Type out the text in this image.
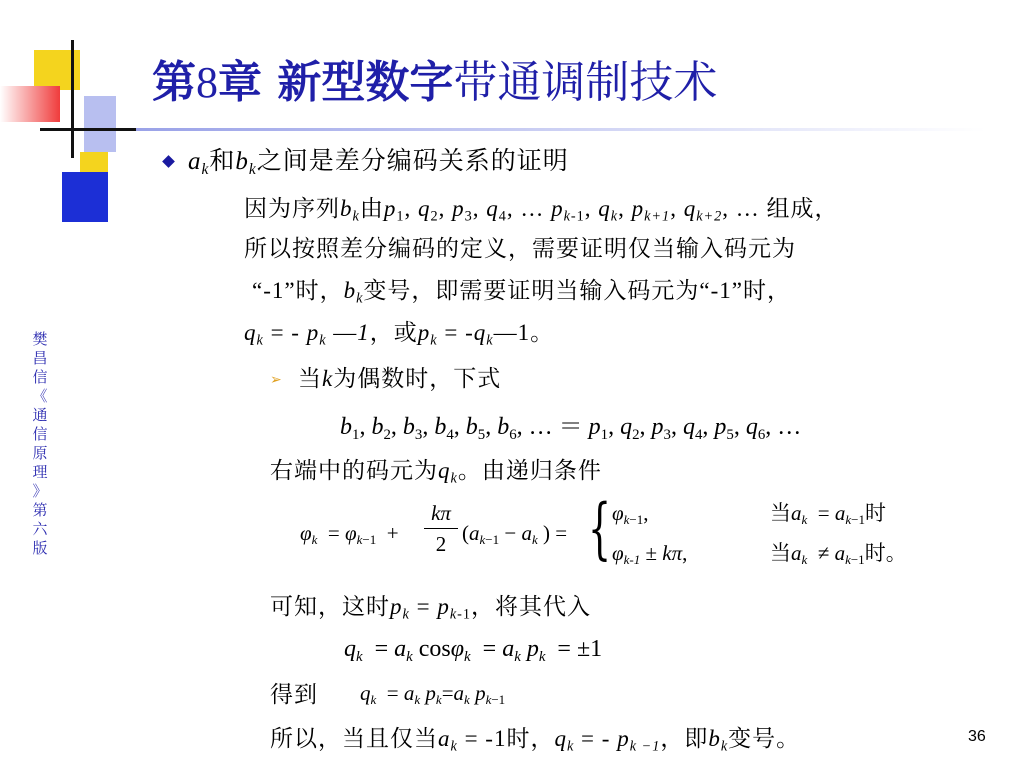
第8章 新型数字带通调制技术
樊
昌
信
《
通
信
原
理
》
第
六
版
$a_k$和$b_k$之间是差分编码关系的证明
因为序列$b_k$由$p_1$, $q_2$, $p_3$, $q_4$, … $p_{k-1}$, $q_k$, $p_{k+1}$, $q_{k+2}$, … 组成，
所以按照差分编码的定义，需要证明仅当输入码元为
“-1”时，$b_k$变号，即需要证明当输入码元为“-1”时，
$q_k$ = - $p_k$ —1，或$p_k$ = $-q_k—1$。
➢ 当k为偶数时，下式
$b_1$, $b_2$, $b_3$, $b_4$, $b_5$, $b_6$, … ＝ $p_1$, $q_2$, $p_3$, $q_4$, $p_5$, $q_6$, …
右端中的码元为$q_k$。由递归条件
$\varphi_k = \varphi_{k-1}$  +
kπ
2 ($a_{k-1} - a_k$ ) = { $\varphi_{k-1}$,	当$a_k = a_{k-1}$时
$\varphi_{k-1} \pm k\pi$,	当$a_k \ne a_{k-1}$时。
可知，这时$p_k = p_{k-1}$，将其代入
$q_k = a_k$ $\cos\varphi_k = a_k$ $p_k = \pm 1$
得到 $q_k = a_k$ $p_k=a_k$ $p_{k-1}$
所以，当且仅当$a_k = -1$时，$q_k$ = - $p_{k -1}$，即$b_k$变号。	36
